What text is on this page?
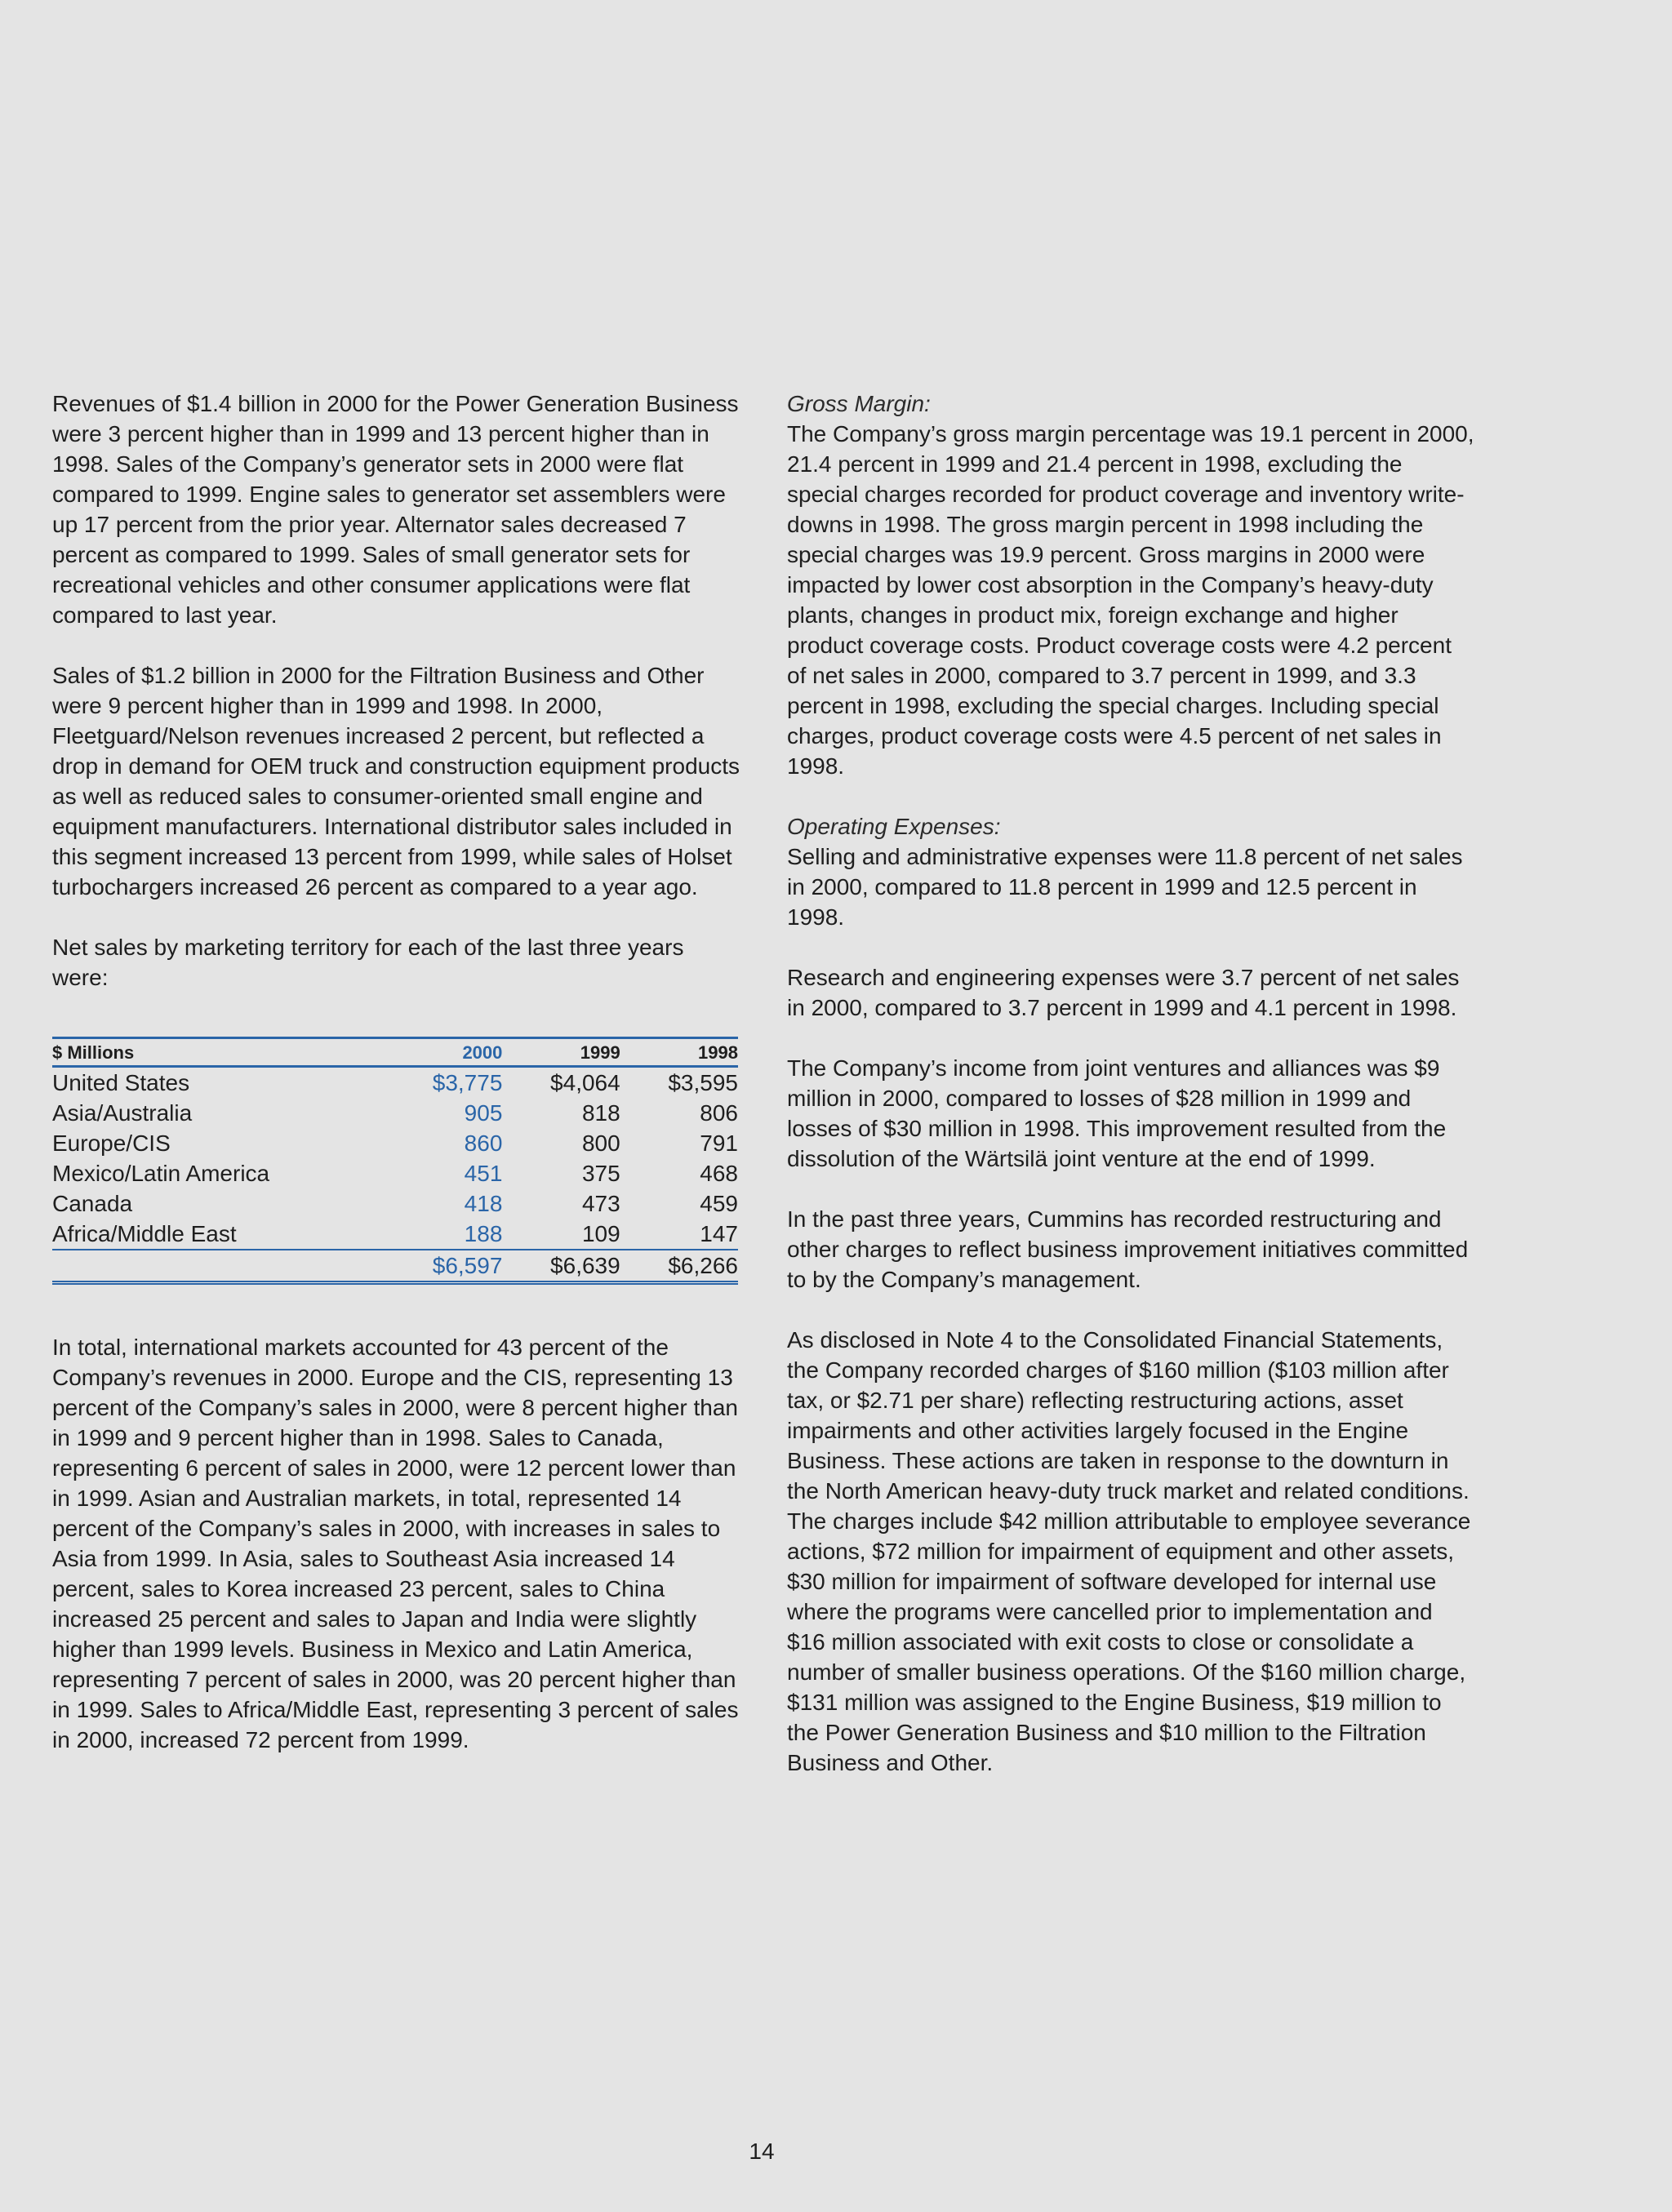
Revenues of $1.4 billion in 2000 for the Power Generation Business were 3 percent higher than in 1999 and 13 percent higher than in 1998. Sales of the Company’s generator sets in 2000 were flat compared to 1999. Engine sales to generator set assemblers were up 17 percent from the prior year. Alternator sales decreased 7 percent as compared to 1999. Sales of small generator sets for recreational vehicles and other consumer applications were flat compared to last year.

Sales of $1.2 billion in 2000 for the Filtration Business and Other were 9 percent higher than in 1999 and 1998. In 2000, Fleetguard/Nelson revenues increased 2 percent, but reflected a drop in demand for OEM truck and construction equipment products as well as reduced sales to consumer-oriented small engine and equipment manufacturers. International distributor sales included in this segment increased 13 percent from 1999, while sales of Holset turbochargers increased 26 percent as compared to a year ago.

Net sales by marketing territory for each of the last three years were:

$ Millions	2000	1999	1998
United States	$3,775	$4,064	$3,595
Asia/Australia	905	818	806
Europe/CIS	860	800	791
Mexico/Latin America	451	375	468
Canada	418	473	459
Africa/Middle East	188	109	147
	$6,597	$6,639	$6,266

In total, international markets accounted for 43 percent of the Company’s revenues in 2000. Europe and the CIS, representing 13 percent of the Company’s sales in 2000, were 8 percent higher than in 1999 and 9 percent higher than in 1998. Sales to Canada, representing 6 percent of sales in 2000, were 12 percent lower than in 1999. Asian and Australian markets, in total, represented 14 percent of the Company’s sales in 2000, with increases in sales to Asia from 1999. In Asia, sales to Southeast Asia increased 14 percent, sales to Korea increased 23 percent, sales to China increased 25 percent and sales to Japan and India were slightly higher than 1999 levels. Business in Mexico and Latin America, representing 7 percent of sales in 2000, was 20 percent higher than in 1999. Sales to Africa/Middle East, representing 3 percent of sales in 2000, increased 72 percent from 1999.

Gross Margin:

The Company’s gross margin percentage was 19.1 percent in 2000, 21.4 percent in 1999 and 21.4 percent in 1998, excluding the special charges recorded for product coverage and inventory write-downs in 1998. The gross margin percent in 1998 including the special charges was 19.9 percent. Gross margins in 2000 were impacted by lower cost absorption in the Company’s heavy-duty plants, changes in product mix, foreign exchange and higher product coverage costs. Product coverage costs were 4.2 percent of net sales in 2000, compared to 3.7 percent in 1999, and 3.3 percent in 1998, excluding the special charges. Including special charges, product coverage costs were 4.5 percent of net sales in 1998.

Operating Expenses:

Selling and administrative expenses were 11.8 percent of net sales in 2000, compared to 11.8 percent in 1999 and 12.5 percent in 1998.

Research and engineering expenses were 3.7 percent of net sales in 2000, compared to 3.7 percent in 1999 and 4.1 percent in 1998.

The Company’s income from joint ventures and alliances was $9 million in 2000, compared to losses of $28 million in 1999 and losses of $30 million in 1998. This improvement resulted from the dissolution of the Wärtsilä joint venture at the end of 1999.

In the past three years, Cummins has recorded restructuring and other charges to reflect business improvement initiatives committed to by the Company’s management.

As disclosed in Note 4 to the Consolidated Financial Statements, the Company recorded charges of $160 million ($103 million after tax, or $2.71 per share) reflecting restructuring actions, asset impairments and other activities largely focused in the Engine Business. These actions are taken in response to the downturn in the North American heavy-duty truck market and related conditions. The charges include $42 million attributable to employee severance actions, $72 million for impairment of equipment and other assets, $30 million for impairment of software developed for internal use where the programs were cancelled prior to implementation and $16 million associated with exit costs to close or consolidate a number of smaller business operations. Of the $160 million charge, $131 million was assigned to the Engine Business, $19 million to the Power Generation Business and $10 million to the Filtration Business and Other.

14
